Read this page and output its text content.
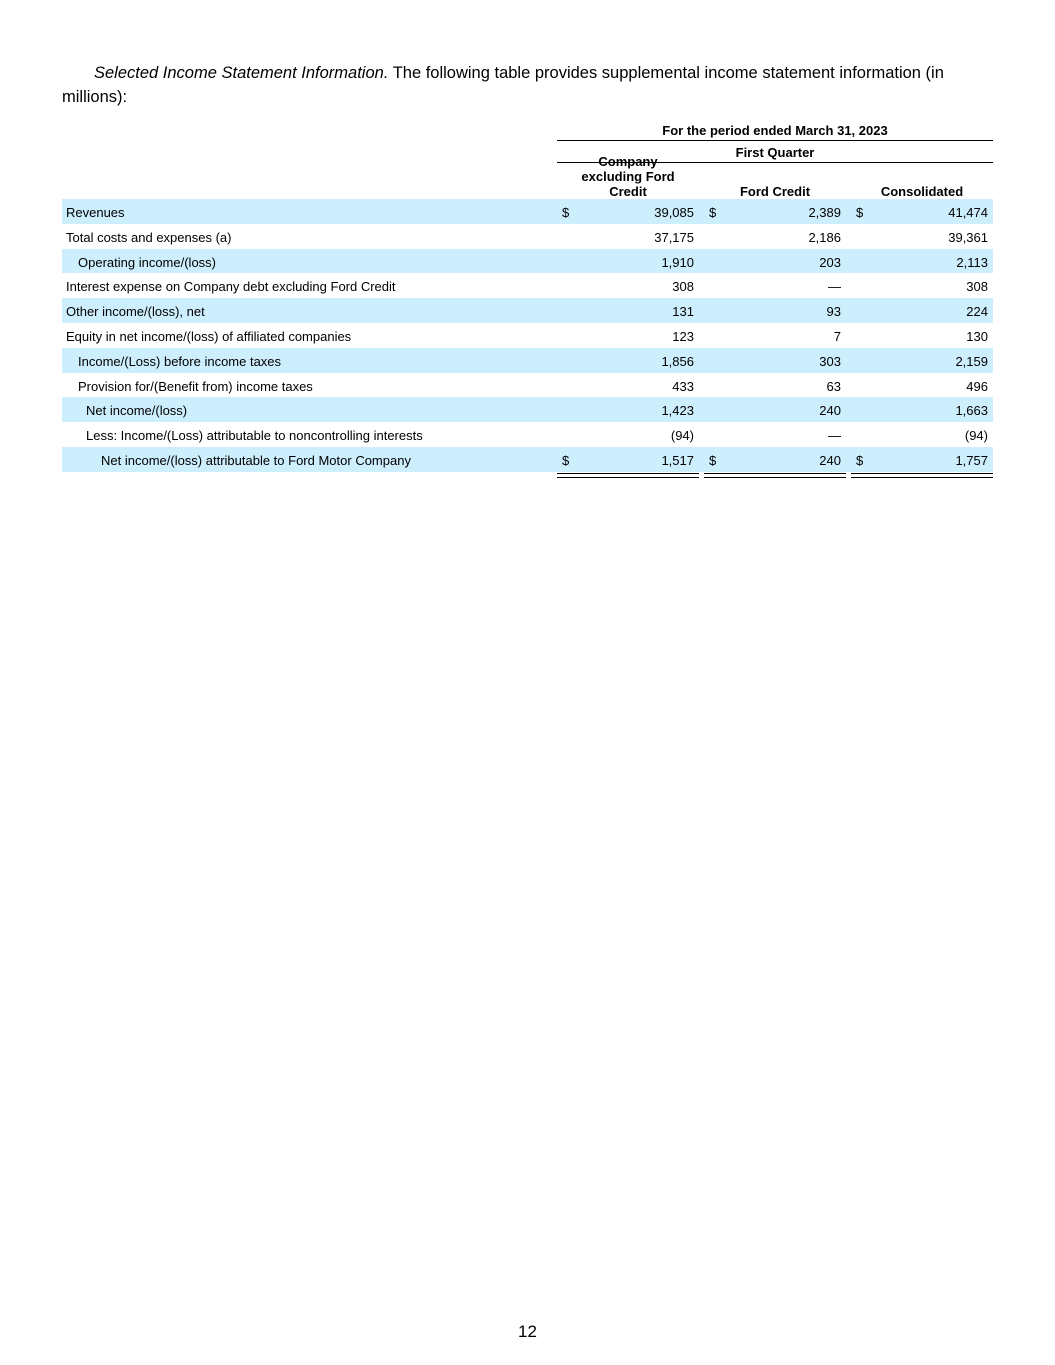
Selected Income Statement Information. The following table provides supplemental income statement information (in millions):
For the period ended March 31, 2023
First Quarter
Company excluding Ford Credit	Ford Credit	Consolidated
Revenues	$	39,085 $	2,389 $	41,474
Total costs and expenses (a)	37,175	2,186	39,361
Operating income/(loss)	1,910	203	2,113
Interest expense on Company debt excluding Ford Credit	308	—	308
Other income/(loss), net	131	93	224
Equity in net income/(loss) of affiliated companies	123	7	130
Income/(Loss) before income taxes	1,856	303	2,159
Provision for/(Benefit from) income taxes	433	63	496
Net income/(loss)	1,423	240	1,663
Less: Income/(Loss) attributable to noncontrolling interests	(94)	—	(94)
Net income/(loss) attributable to Ford Motor Company	$	1,517 $	240 $	1,757
12
